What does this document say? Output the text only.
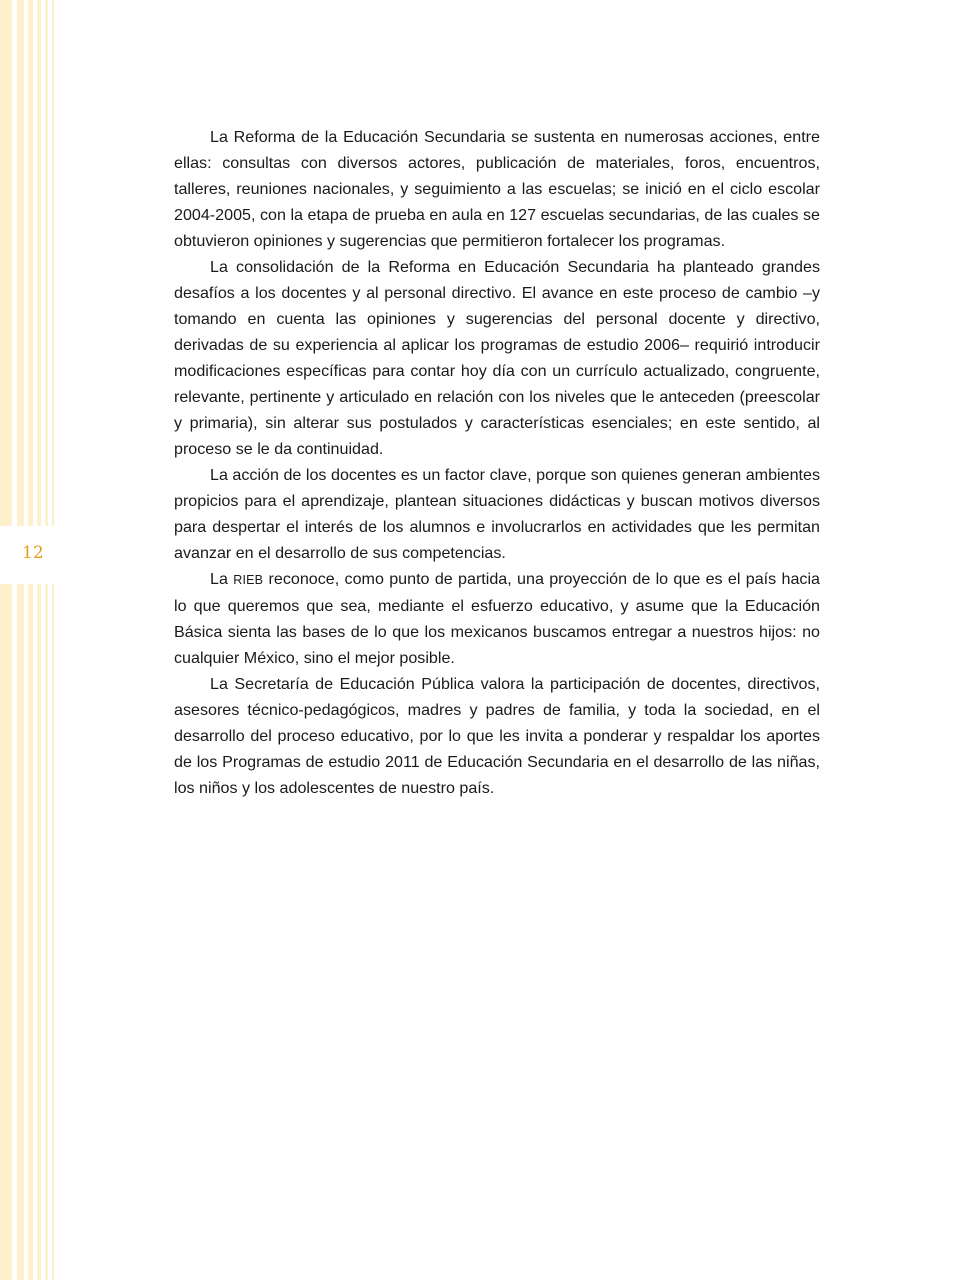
12

La Reforma de la Educación Secundaria se sustenta en numerosas acciones, entre ellas: consultas con diversos actores, publicación de materiales, foros, encuentros, talleres, reuniones nacionales, y seguimiento a las escuelas; se inició en el ciclo escolar 2004-2005, con la etapa de prueba en aula en 127 escuelas secundarias, de las cuales se obtuvieron opiniones y sugerencias que permitieron fortalecer los programas.

La consolidación de la Reforma en Educación Secundaria ha planteado grandes desafíos a los docentes y al personal directivo. El avance en este proceso de cambio –y tomando en cuenta las opiniones y sugerencias del personal docente y directivo, derivadas de su experiencia al aplicar los programas de estudio 2006– requirió introducir modificaciones específicas para contar hoy día con un currículo actualizado, congruente, relevante, pertinente y articulado en relación con los niveles que le anteceden (preescolar y primaria), sin alterar sus postulados y características esenciales; en este sentido, al proceso se le da continuidad.

La acción de los docentes es un factor clave, porque son quienes generan ambientes propicios para el aprendizaje, plantean situaciones didácticas y buscan motivos diversos para despertar el interés de los alumnos e involucrarlos en actividades que les permitan avanzar en el desarrollo de sus competencias.

La RIEB reconoce, como punto de partida, una proyección de lo que es el país hacia lo que queremos que sea, mediante el esfuerzo educativo, y asume que la Educación Básica sienta las bases de lo que los mexicanos buscamos entregar a nuestros hijos: no cualquier México, sino el mejor posible.

La Secretaría de Educación Pública valora la participación de docentes, directivos, asesores técnico-pedagógicos, madres y padres de familia, y toda la sociedad, en el desarrollo del proceso educativo, por lo que les invita a ponderar y respaldar los aportes de los Programas de estudio 2011 de Educación Secundaria en el desarrollo de las niñas, los niños y los adolescentes de nuestro país.
